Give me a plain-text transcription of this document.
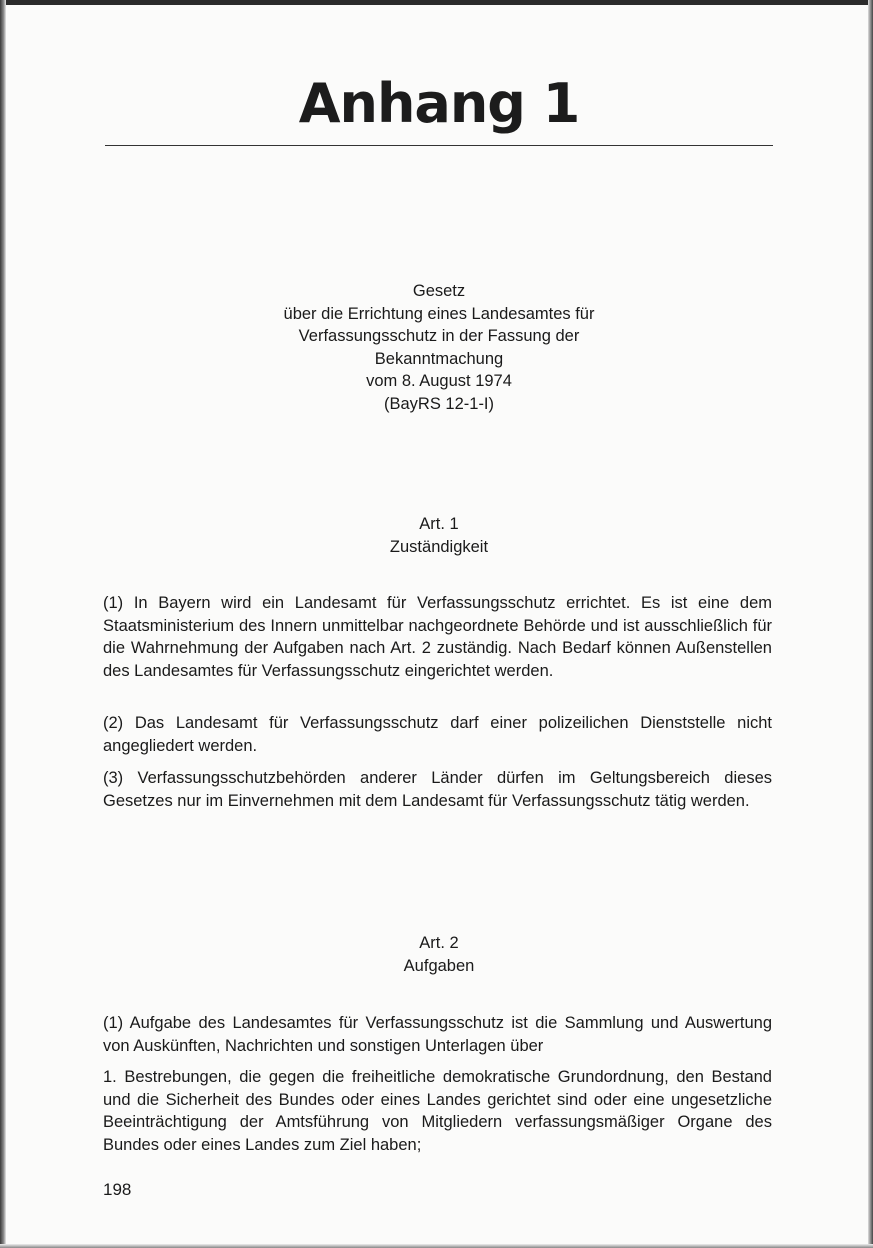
Anhang 1
Gesetz
über die Errichtung eines Landesamtes für
Verfassungsschutz in der Fassung der
Bekanntmachung
vom 8. August 1974
(BayRS 12-1-I)
Art. 1
Zuständigkeit

(1) In Bayern wird ein Landesamt für Verfassungsschutz errichtet. Es ist eine dem Staatsministerium des Innern unmittelbar nachgeordnete Behörde und ist ausschließlich für die Wahrnehmung der Aufgaben nach Art. 2 zuständig. Nach Bedarf können Außenstellen des Landesamtes für Verfassungsschutz eingerichtet werden.

(2) Das Landesamt für Verfassungsschutz darf einer polizeilichen Dienststelle nicht angegliedert werden.

(3) Verfassungsschutzbehörden anderer Länder dürfen im Geltungsbereich dieses Gesetzes nur im Einvernehmen mit dem Landesamt für Verfassungsschutz tätig werden.

Art. 2
Aufgaben

(1) Aufgabe des Landesamtes für Verfassungsschutz ist die Sammlung und Auswertung von Auskünften, Nachrichten und sonstigen Unterlagen über

1. Bestrebungen, die gegen die freiheitliche demokratische Grundordnung, den Bestand und die Sicherheit des Bundes oder eines Landes gerichtet sind oder eine ungesetzliche Beeinträchtigung der Amtsführung von Mitgliedern verfassungsmäßiger Organe des Bundes oder eines Landes zum Ziel haben;

198
